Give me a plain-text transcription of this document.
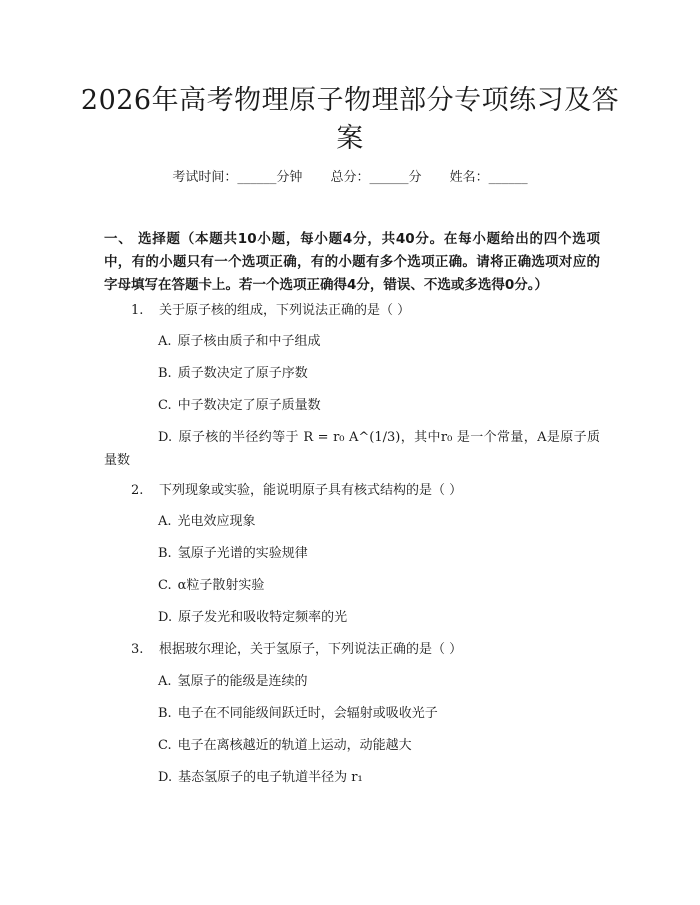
2026年高考物理原子物理部分专项练习及答案
考试时间：______分钟 总分：______分 姓名：______
一、 选择题（本题共10小题，每小题4分，共40分。在每小题给出的四个选项中，有的小题只有一个选项正确，有的小题有多个选项正确。请将正确选项对应的字母填写在答题卡上。若一个选项正确得4分，错误、不选或多选得0分。）
1. 关于原子核的组成，下列说法正确的是（ ）
A. 原子核由质子和中子组成
B. 质子数决定了原子序数
C. 中子数决定了原子质量数
D. 原子核的半径约等于 R = r₀ A^(1/3)，其中r₀ 是一个常量，A是原子质量数
2. 下列现象或实验，能说明原子具有核式结构的是（ ）
A. 光电效应现象
B. 氢原子光谱的实验规律
C. α粒子散射实验
D. 原子发光和吸收特定频率的光
3. 根据玻尔理论，关于氢原子，下列说法正确的是（ ）
A. 氢原子的能级是连续的
B. 电子在不同能级间跃迁时，会辐射或吸收光子
C. 电子在离核越近的轨道上运动，动能越大
D. 基态氢原子的电子轨道半径为 r₁
